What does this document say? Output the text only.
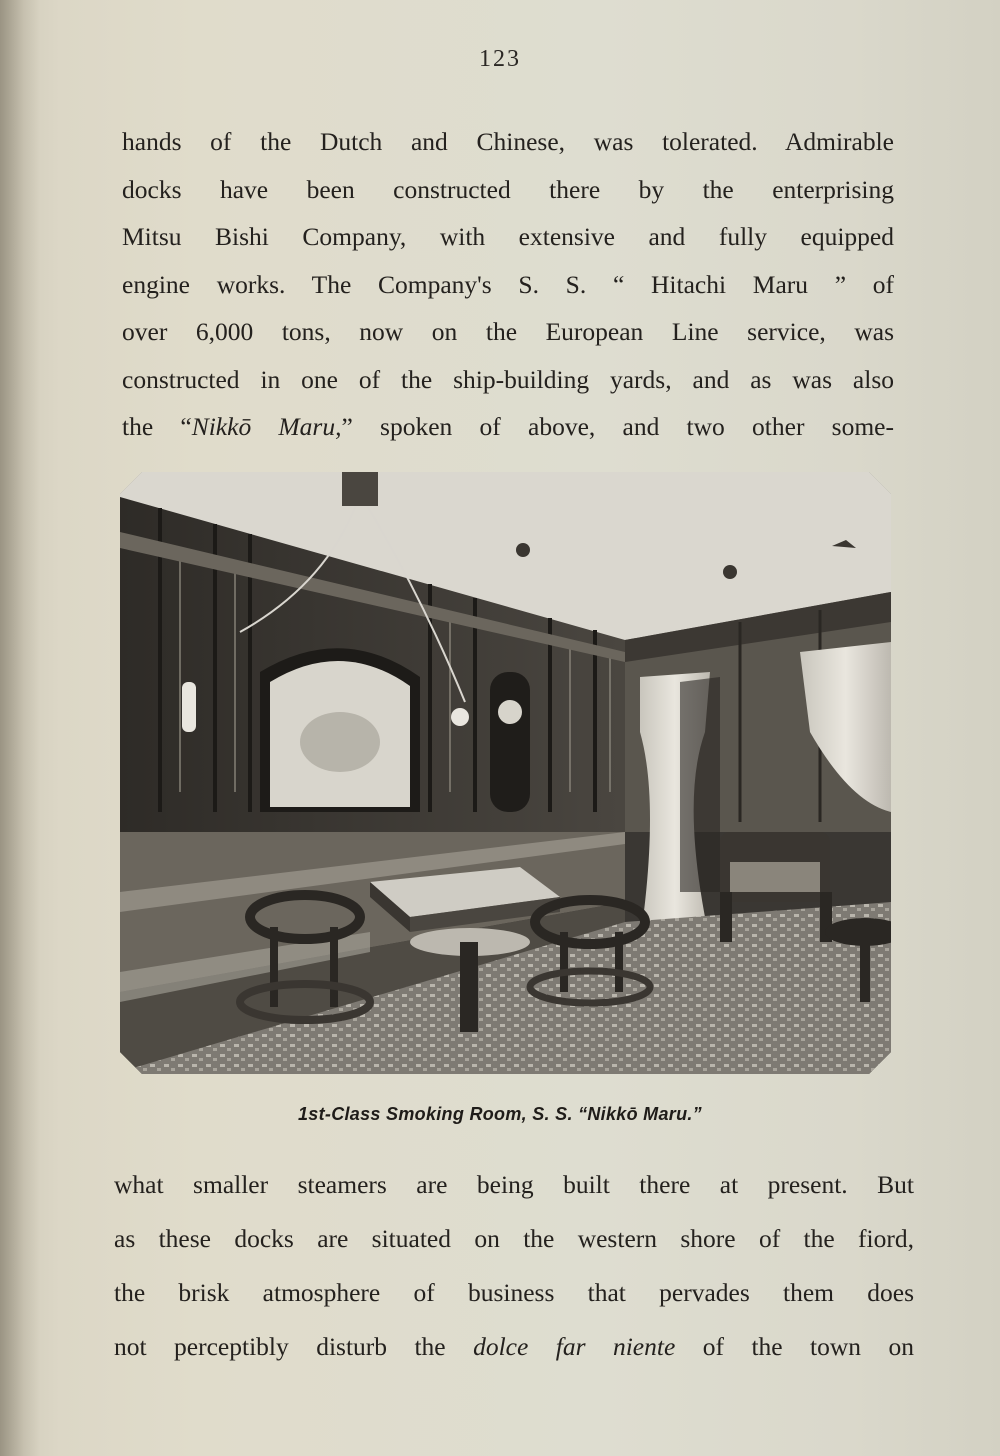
123
hands of the Dutch and Chinese, was tolerated. Admirable
docks have been constructed there by the enterprising
Mitsu Bishi Company, with extensive and fully equipped
engine works. The Company's S. S. “ Hitachi Maru ” of
over 6,000 tons, now on the European Line service, was
constructed in one of the ship-building yards, and as was also
the “Nikkō Maru,” spoken of above, and two other some-
1st-Class Smoking Room, S. S. “Nikkō Maru.”
what smaller steamers are being built there at present. But
as these docks are situated on the western shore of the fiord,
the brisk atmosphere of business that pervades them does
not perceptibly disturb the dolce far niente of the town on
